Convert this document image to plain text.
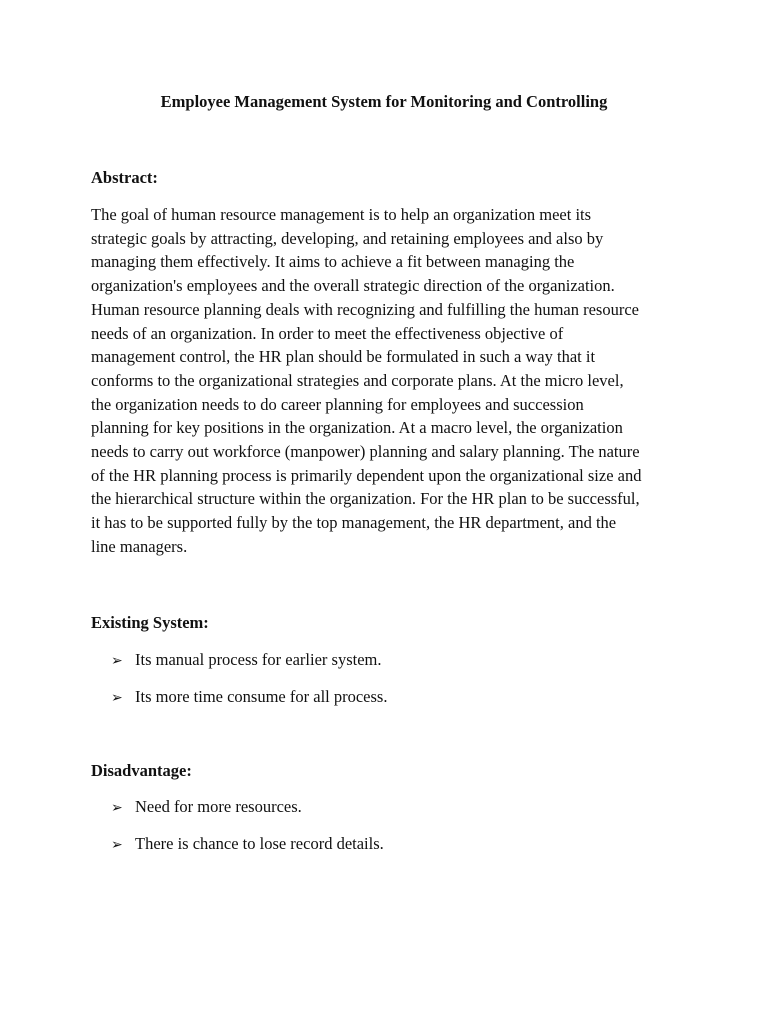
Employee Management System for Monitoring and Controlling
Abstract:
The goal of human resource management is to help an organization meet its
strategic goals by attracting, developing, and retaining employees and also by
managing them effectively. It aims to achieve a fit between managing the
organization's employees and the overall strategic direction of the organization.
Human resource planning deals with recognizing and fulfilling the human resource
needs of an organization. In order to meet the effectiveness objective of
management control, the HR plan should be formulated in such a way that it
conforms to the organizational strategies and corporate plans. At the micro level,
the organization needs to do career planning for employees and succession
planning for key positions in the organization. At a macro level, the organization
needs to carry out workforce (manpower) planning and salary planning. The nature
of the HR planning process is primarily dependent upon the organizational size and
the hierarchical structure within the organization. For the HR plan to be successful,
it has to be supported fully by the top management, the HR department, and the
line managers.
Existing System:
➢ Its manual process for earlier system.
➢ Its more time consume for all process.
Disadvantage:
➢ Need for more resources.
➢ There is chance to lose record details.
